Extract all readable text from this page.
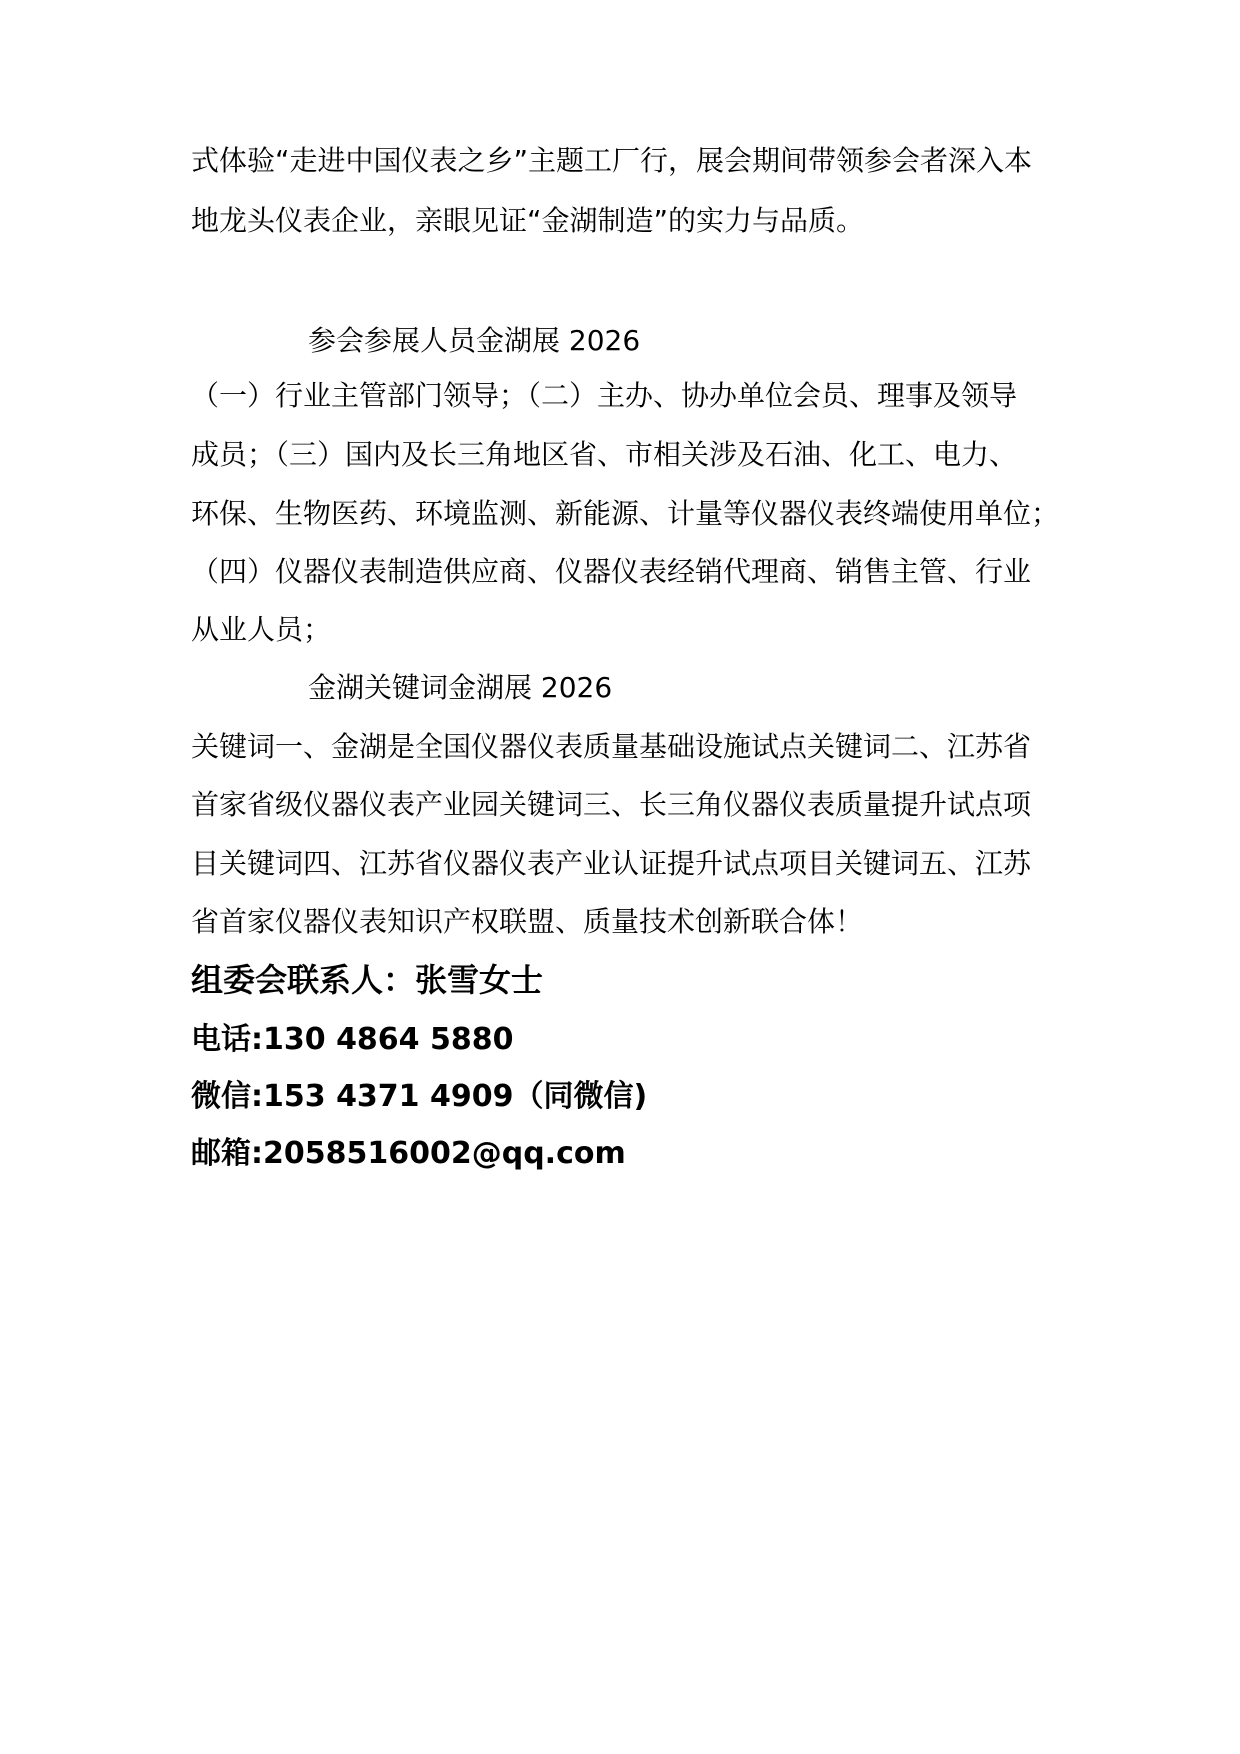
式体验“走进中国仪表之乡”主题工厂行，展会期间带领参会者深入本
地龙头仪表企业，亲眼见证“金湖制造”的实力与品质。
参会参展人员金湖展 2026
（一）行业主管部门领导；（二）主办、协办单位会员、理事及领导
成员；（三）国内及长三角地区省、市相关涉及石油、化工、电力、
环保、生物医药、环境监测、新能源、计量等仪器仪表终端使用单位；
（四）仪器仪表制造供应商、仪器仪表经销代理商、销售主管、行业
从业人员；
金湖关键词金湖展 2026
关键词一、金湖是全国仪器仪表质量基础设施试点关键词二、江苏省
首家省级仪器仪表产业园关键词三、长三角仪器仪表质量提升试点项
目关键词四、江苏省仪器仪表产业认证提升试点项目关键词五、江苏
省首家仪器仪表知识产权联盟、质量技术创新联合体！
组委会联系人：张雪女士
电话:130 4864 5880
微信:153 4371 4909（同微信)
邮箱:2058516002@qq.com
